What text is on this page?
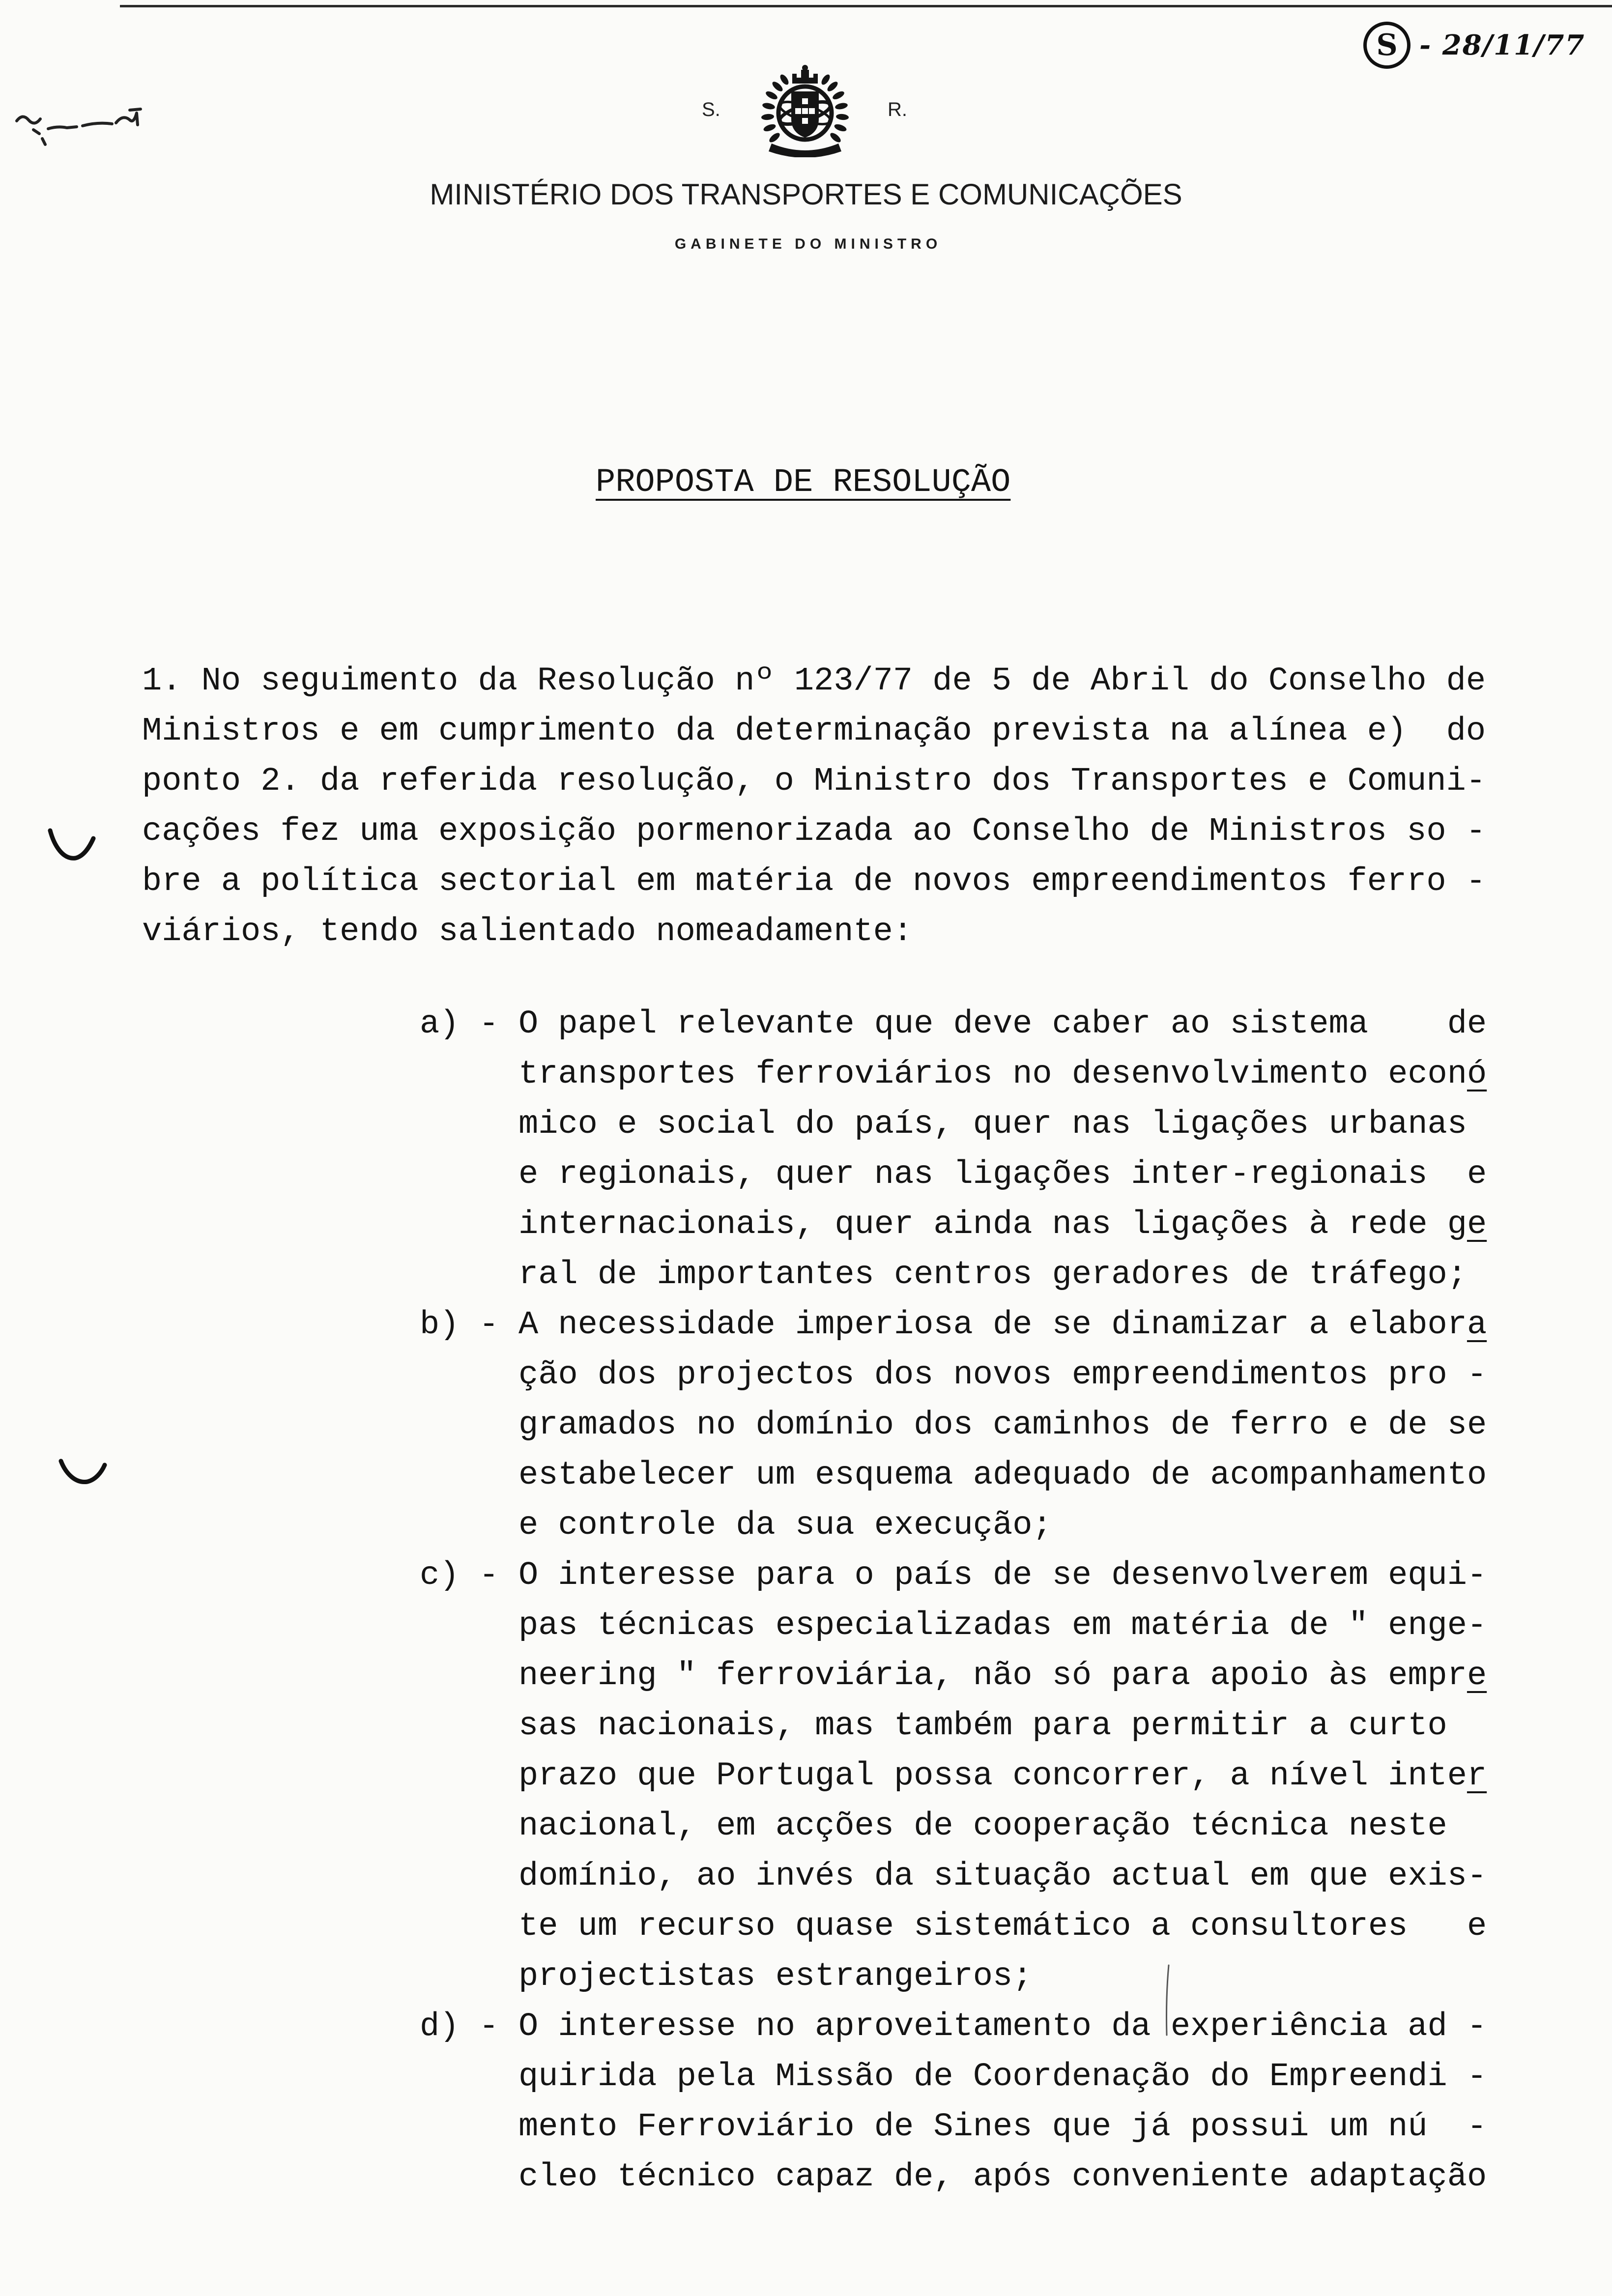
S - 28/11/77
S.	R.
MINISTÉRIO DOS TRANSPORTES E COMUNICAÇÕES
GABINETE DO MINISTRO
PROPOSTA DE RESOLUÇÃO
1. No seguimento da Resolução nº 123/77 de 5 de Abril do Conselho de
Ministros e em cumprimento da determinação prevista na alínea e)  do
ponto 2. da referida resolução, o Ministro dos Transportes e Comuni-
cações fez uma exposição pormenorizada ao Conselho de Ministros so -
bre a política sectorial em matéria de novos empreendimentos ferro -
viários, tendo salientado nomeadamente:
a) - O papel relevante que deve caber ao sistema    de
transportes ferroviários no desenvolvimento econó
mico e social do país, quer nas ligações urbanas
e regionais, quer nas ligações inter-regionais  e
internacionais, quer ainda nas ligações à rede ge
ral de importantes centros geradores de tráfego;
b) - A necessidade imperiosa de se dinamizar a elabora
ção dos projectos dos novos empreendimentos pro -
gramados no domínio dos caminhos de ferro e de se
estabelecer um esquema adequado de acompanhamento
e controle da sua execução;
c) - O interesse para o país de se desenvolverem equi-
pas técnicas especializadas em matéria de " enge-
neering " ferroviária, não só para apoio às empre
sas nacionais, mas também para permitir a curto
prazo que Portugal possa concorrer, a nível inter
nacional, em acções de cooperação técnica neste
domínio, ao invés da situação actual em que exis-
te um recurso quase sistemático a consultores   e
projectistas estrangeiros;
d) - O interesse no aproveitamento da experiência ad -
quirida pela Missão de Coordenação do Empreendi -
mento Ferroviário de Sines que já possui um nú  -
cleo técnico capaz de, após conveniente adaptação
